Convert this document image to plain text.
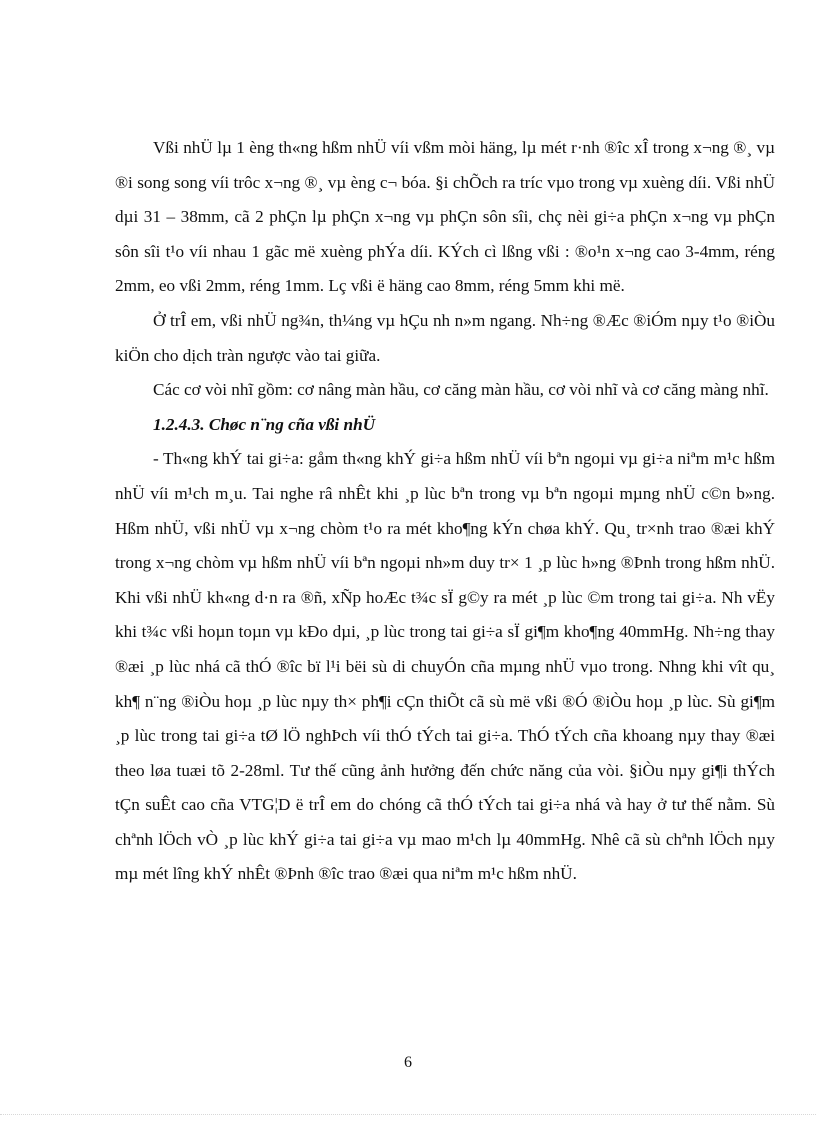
Vßi nhÜ lµ 1 èng th«ng hßm nhÜ víi vßm mòi häng, lµ mét r·nh ®îc xÎ trong x¬ng ®¸ vµ ®i song song víi trôc x¬ng ®¸ vµ èng c¬ bóa. §i chÕch ra tríc vµo trong vµ xuèng díi. Vßi nhÜ dµi 31 – 38mm, cã 2 phÇn lµ phÇn x¬ng vµ phÇn sôn sîi, chç nèi gi÷a phÇn x¬ng vµ phÇn sôn sîi t¹o víi nhau 1 gãc më xuèng phÝa díi. KÝch cì lßng vßi : ®o¹n x¬ng cao 3-4mm, réng 2mm, eo vßi 2mm, réng 1mm. Lç vßi ë häng cao 8mm, réng 5mm khi më.

Ở trÎ em, vßi nhÜ ng¾n, th¼ng vµ hÇu nh n»m ngang. Nh÷ng ®Æc ®iÓm nµy t¹o ®iÒu kiÖn cho dịch tràn ngược vào tai giữa.

Các cơ vòi nhĩ gồm: cơ nâng màn hầu, cơ căng màn hầu, cơ vòi nhĩ và cơ căng màng nhĩ.

1.2.4.3. Chøc n¨ng cña vßi nhÜ

- Th«ng khÝ tai gi÷a: gåm th«ng khÝ gi÷a hßm nhÜ víi bªn ngoµi vµ gi÷a niªm m¹c hßm nhÜ víi m¹ch m¸u. Tai nghe râ nhÊt khi ¸p lùc bªn trong vµ bªn ngoµi mµng nhÜ c©n b»ng. Hßm nhÜ, vßi nhÜ vµ x¬ng chòm t¹o ra mét kho¶ng kÝn chøa khÝ. Qu¸ tr×nh trao ®æi khÝ trong x¬ng chòm vµ hßm nhÜ víi bªn ngoµi nh»m duy tr× 1 ¸p lùc h»ng ®Þnh trong hßm nhÜ. Khi vßi nhÜ kh«ng d·n ra ®ñ, xÑp hoÆc t¾c sÏ g©y ra mét ¸p lùc ©m trong tai gi÷a. Nh vËy khi t¾c vßi hoµn toµn vµ kÐo dµi, ¸p lùc trong tai gi÷a sÏ gi¶m kho¶ng 40mmHg. Nh÷ng thay ®æi ¸p lùc nhá cã thÓ ®îc bï l¹i bëi sù di chuyÓn cña mµng nhÜ vµo trong. Nhng khi vît qu¸ kh¶ n¨ng ®iÒu hoµ ¸p lùc nµy th× ph¶i cÇn thiÕt cã sù më vßi ®Ó ®iÒu hoµ ¸p lùc. Sù gi¶m ¸p lùc trong tai gi÷a tØ lÖ nghÞch víi thÓ tÝch tai gi÷a. ThÓ tÝch cña khoang nµy thay ®æi theo løa tuæi tõ 2-28ml. Tư thế cũng ảnh hưởng đến chức năng của vòi. §iÒu nµy gi¶i thÝch tÇn suÊt cao cña VTG¦D ë trÎ em do chóng cã thÓ tÝch tai gi÷a nhá và hay ở tư thế nằm. Sù chªnh lÖch vÒ ¸p lùc khÝ gi÷a tai gi÷a vµ mao m¹ch lµ 40mmHg. Nhê cã sù chªnh lÖch nµy mµ mét lîng khÝ nhÊt ®Þnh ®îc trao ®æi qua niªm m¹c hßm nhÜ.

6
